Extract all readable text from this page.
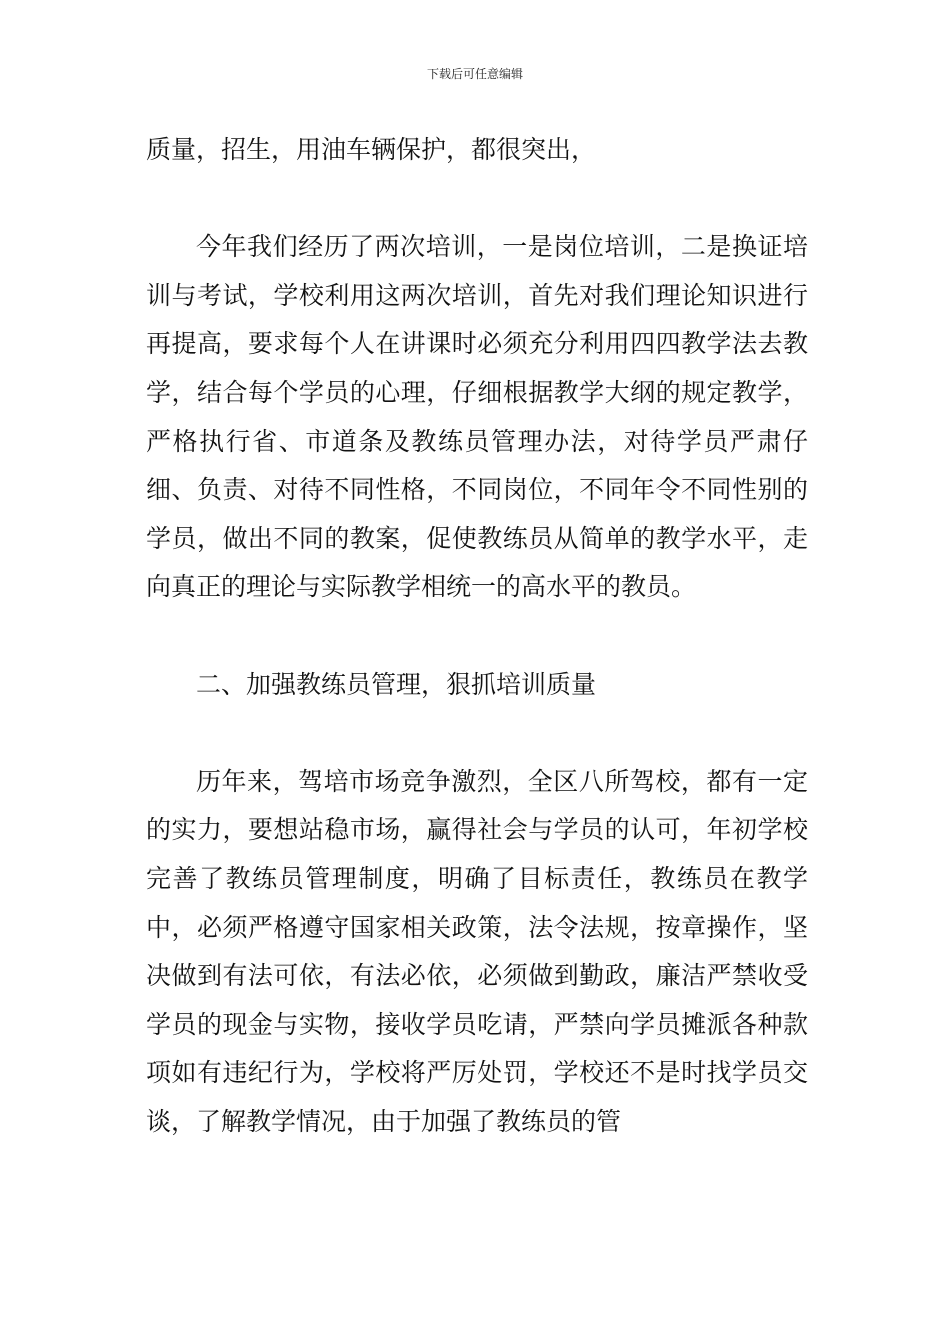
下载后可任意编辑

质量，招生，用油车辆保护，都很突出，

今年我们经历了两次培训，一是岗位培训，二是换证培训与考试，学校利用这两次培训，首先对我们理论知识进行再提高，要求每个人在讲课时必须充分利用四四教学法去教学，结合每个学员的心理，仔细根据教学大纲的规定教学，严格执行省、市道条及教练员管理办法，对待学员严肃仔细、负责、对待不同性格，不同岗位，不同年令不同性别的学员，做出不同的教案，促使教练员从简单的教学水平，走向真正的理论与实际教学相统一的高水平的教员。

二、加强教练员管理，狠抓培训质量

历年来，驾培市场竞争激烈，全区八所驾校，都有一定的实力，要想站稳市场，赢得社会与学员的认可，年初学校完善了教练员管理制度，明确了目标责任，教练员在教学中，必须严格遵守国家相关政策，法令法规，按章操作，坚决做到有法可依，有法必依，必须做到勤政，廉洁严禁收受学员的现金与实物，接收学员吃请，严禁向学员摊派各种款项如有违纪行为，学校将严厉处罚，学校还不是时找学员交谈，了解教学情况，由于加强了教练员的管
